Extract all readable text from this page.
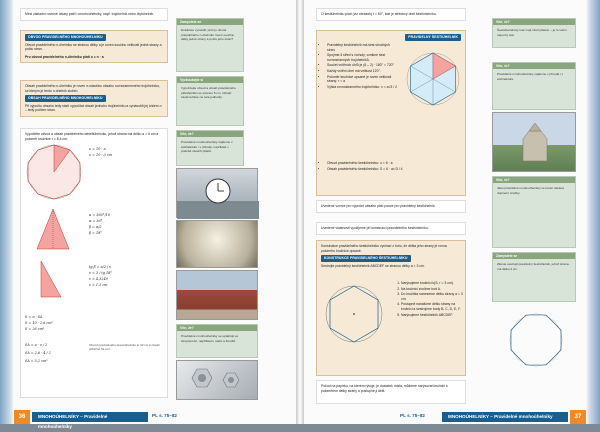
Mezi základní rovinné útvary patří i mnohoúhelníky, např. trojúhelník nebo čtyřúhelník.
OBVOD PRAVIDELNÉHO MNOHOÚHELNÍKU
Obvod pravidelného n-úhelníku se stranou délky a je roven součinu velikosti jedné strany a počtu stran.
Pro obvod pravidelného n-úhelníku platí o = n · a
Obsah pravidelného n-úhelníku je roven n-násobku obsahu rovnoramenného trojúhelníku, se kterým je tento n-úhelník složen.
OBSAH PRAVIDELNÉHO MNOHOÚHELNÍKU
Při výpočtu obsahu tedy stačí vypočítat obsah jednoho trojúhelníku a vynásobit jej číslem n – tedy počtem stran.
Vypočtěte obvod a obsah pravidelného desetiúhelníku, jehož strana má délku a = 6 cm a poloměr kružnice r = 8,4 cm.
o = 10 · a
o = 10 · 3 cm
α = 360°/10
α = 36°
β = α/2
β = 18°
tg β = a/2 / v
v = 3 / tg 18°
v ≐ 4,3249
v ≐ 1,3 cm
S = n · S∆
S = 10 · 2,6 cm²
S = 26 cm²
S∆ = a · v / 2
S∆ = 2,6 · 4 / 2
S∆ = 5,2 cm²
Obvod pravidelného desetiúhelníku je 30 cm a obsah přibližně 52 cm².
Zamyslete se
Dokážete vysvětlit, proč je obvod pravidelného n-úhelníku roven součinu délky jedné strany a počtu jeho stran?
Vyzkoušejte si
Vypočítejte obvod a obsah pravidelného pětiúhelníku se stranou 5 cm. Obsah zaokrouhlete na celé jednotky.
Víte, že?
Pravidelné mnohoúhelníky najdeme v architektuře i v přírodě, například v podobě včelích plástů.
Víte, že?
Pravidelné mnohoúhelníky se uplatňují ve strojírenství, například u matic a šroubů.
36	MNOHOÚHELNÍKY – Pravidelné mnohoúhelníky
PL s. 75–82
O šestiúhelníku platí (viz obrázek) t = 60°, kde je středový úhel šestiúhelníku.
PRAVIDELNÝ ŠESTIÚHELNÍK
• Pravidelný šestiúhelník má šest shodných stran.
• Spojíme-li střed s vrcholy, vznikne šest rovnostranných trojúhelníků.
• Součet vnitřních úhlů je (6 – 2) · 180° = 720°
• Každý vnitřní úhel má velikost 120°.
• Poloměr kružnice opsané je roven velikosti strany: r = a
• Výška rovnostranného trojúhelníku: v = a√3 / 2
• Obvod pravidelného šestiúhelníku: o = 6 · a
• Obsah pravidelného šestiúhelníku: S = 6 · a²√3 / 4
Uvedené vzorce pro výpočet obsahu platí pouze pro pravidelný šestiúhelník.
Uvedené vlastnosti využijeme při konstrukci pravidelného šestiúhelníku.
Konstrukce pravidelného šestiúhelníku vychází z toho, že délka jeho strany je rovna poloměru kružnice opsané.
KONSTRUKCE PRAVIDELNÉHO ŠESTIÚHELNÍKU
Sestrojte pravidelný šestiúhelník ABCDEF se stranou délky a = 3 cm.
1. Narýsujeme kružnici k(S; r = 3 cm).
2. Na kružnici zvolíme bod A.
3. Do kružítka naneseme délku strany a = 3 cm.
4. Postupně nanášíme délku strany na kružnici a sestrojíme body B, C, D, E, F.
5. Narýsujeme šestiúhelník ABCDEF.
Pokud na papírku, na kterém rýsuje, je dostatek místa, můžeme narýsovat kružnici s poloměrem délky strany a postupně ji dělit.
Víte, že?
Šestiúhelníkový tvar mají včelí plástve – je to velmi úsporný tvar.
Víte, že?
Pravidelné mnohoúhelníky najdeme v přírodě i v architektuře.
Víte, že?
Jako pravidelné mnohoúhelníky se kreslí některé dopravní značky.
Zamyslete se
Zkuste sestrojit pravidelný šestiúhelník, jehož strana má délku 4 cm.
PL s. 75–82	MNOHOÚHELNÍKY – Pravidelné mnohoúhelníky	37
